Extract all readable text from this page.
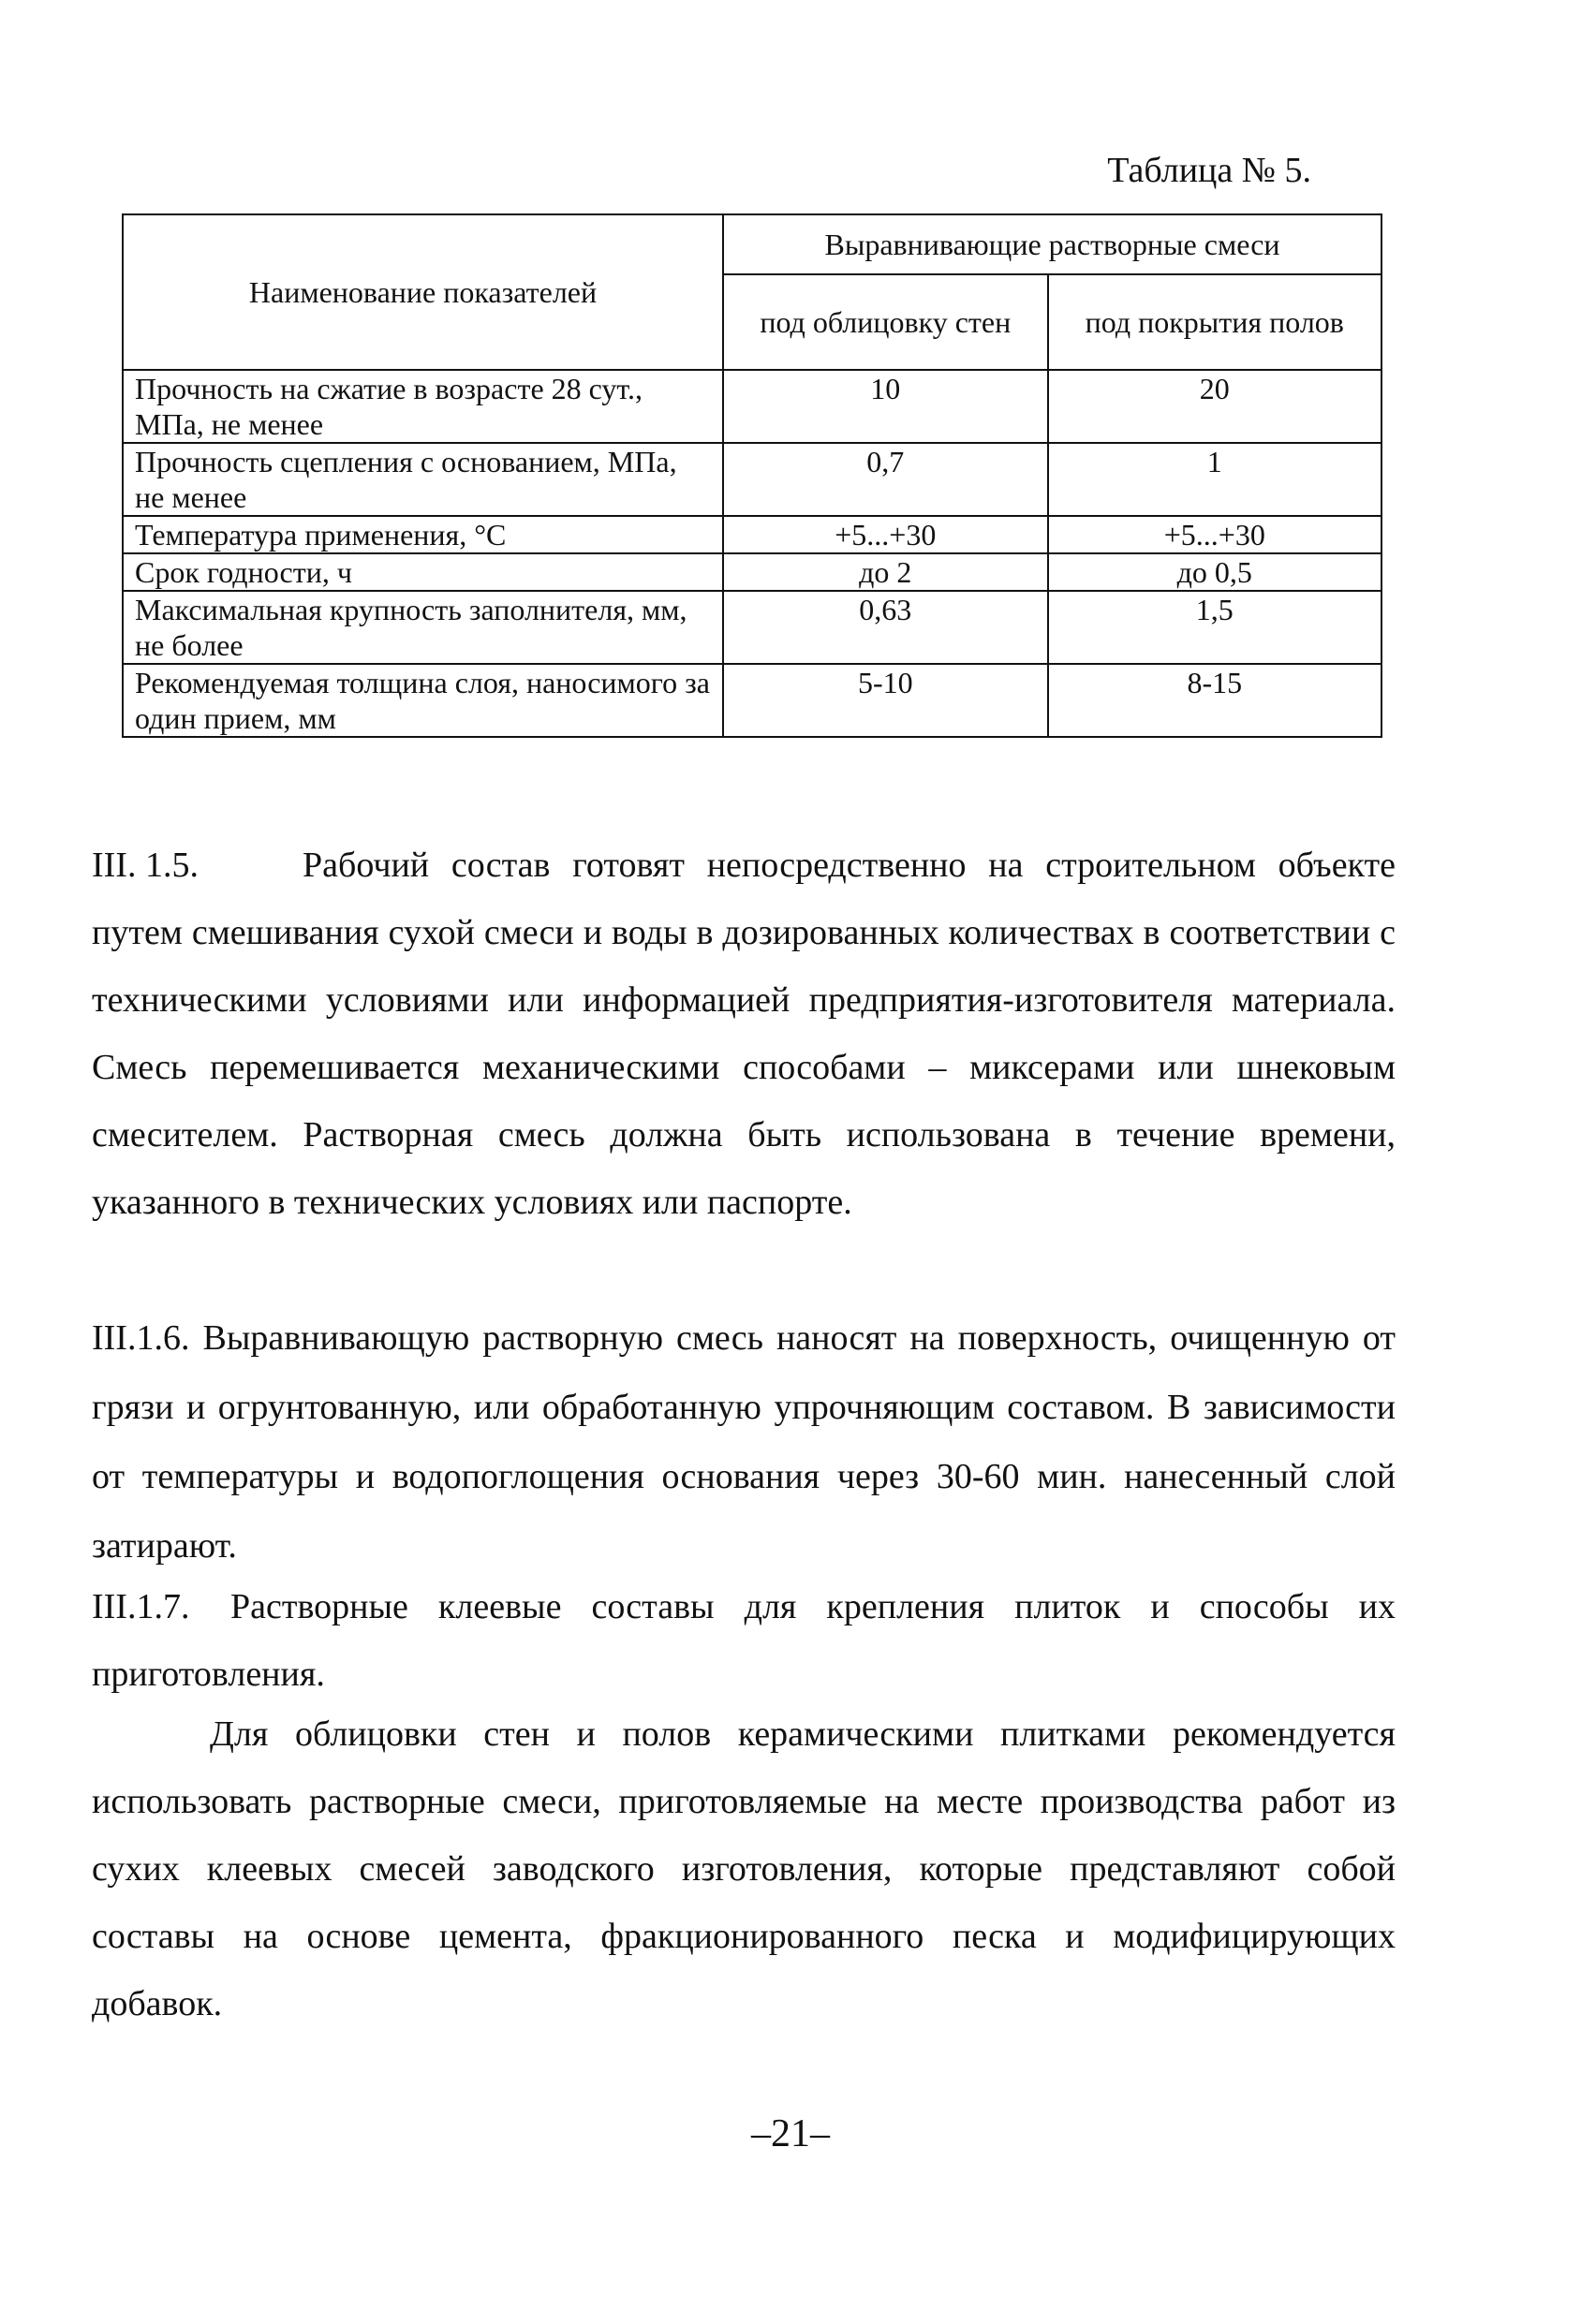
Таблица № 5.
Наименование показателей	Выравнивающие растворные смеси	
	под облицовку стен	под покрытия полов
Прочность на сжатие в возрасте 28 сут., МПа, не менее	10	20
Прочность сцепления с основанием, МПа, не менее	0,7	1
Температура применения, °С	+5...+30	+5...+30
Срок годности, ч	до 2	до 0,5
Максимальная крупность заполнителя, мм, не более	0,63	1,5
Рекомендуемая толщина слоя, наносимого за один прием, мм	5-10	8-15

III. 1.5.	Рабочий состав готовят непосредственно на строительном объекте путем смешивания сухой смеси и воды в дозированных количествах в соответствии с техническими условиями или информацией предприятия-изготовителя материала. Смесь перемешивается механическими способами – миксерами или шнековым смесителем. Растворная смесь должна быть использована в течение времени, указанного в технических условиях или паспорте.

III.1.6. Выравнивающую растворную смесь наносят на поверхность, очищенную от грязи и огрунтованную, или обработанную упрочняющим составом. В зависимости от температуры и водопоглощения основания через 30-60 мин. нанесенный слой затирают.

III.1.7. Растворные клеевые составы для крепления плиток и способы их приготовления.

Для облицовки стен и полов керамическими плитками рекомендуется использовать растворные смеси, приготовляемые на месте производства работ из сухих клеевых смесей заводского изготовления, которые представляют собой составы на основе цемента, фракционированного песка и модифицирующих добавок.

–21–
